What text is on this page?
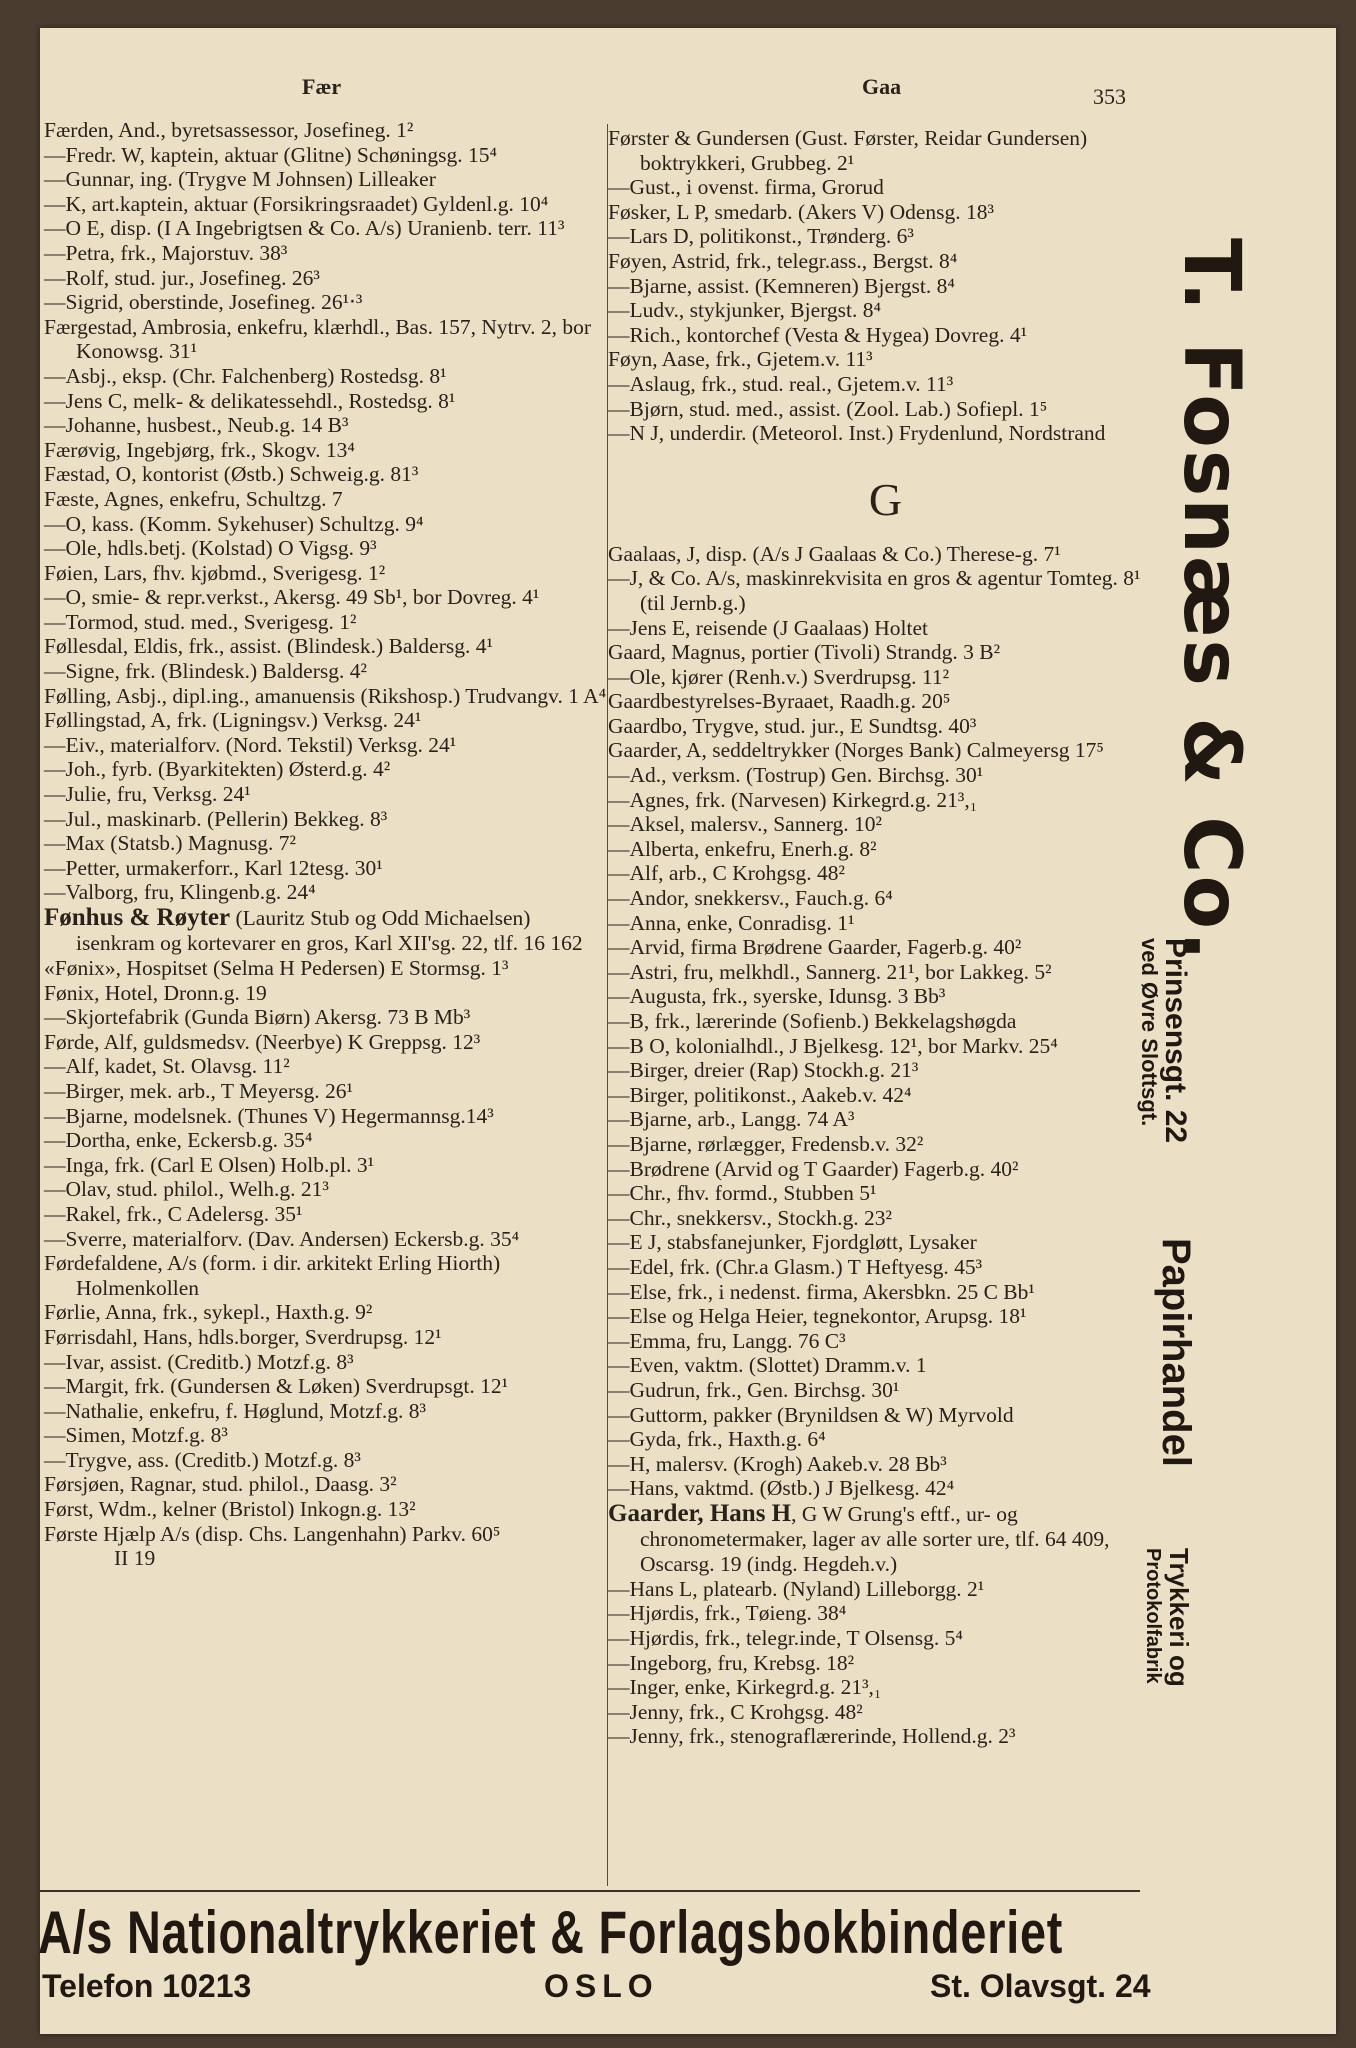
Fær	Gaa	353

Færden, And., byretsassessor, Josefineg. 1²

—Fredr. W, kaptein, aktuar (Glitne) Schøningsg. 15⁴

—Gunnar, ing. (Trygve M Johnsen) Lilleaker

—K, art.kaptein, aktuar (Forsikringsraadet) Gyldenl.g. 10⁴

—O E, disp. (I A Ingebrigtsen & Co. A/s) Uranienb. terr. 11³

—Petra, frk., Majorstuv. 38³

—Rolf, stud. jur., Josefineg. 26³

—Sigrid, oberstinde, Josefineg. 26¹‧³

Færgestad, Ambrosia, enkefru, klærhdl., Bas. 157, Nytrv. 2, bor Konowsg. 31¹

—Asbj., eksp. (Chr. Falchenberg) Rostedsg. 8¹

—Jens C, melk- & delikatessehdl., Rostedsg. 8¹

—Johanne, husbest., Neub.g. 14 B³

Færøvig, Ingebjørg, frk., Skogv. 13⁴

Fæstad, O, kontorist (Østb.) Schweig.g. 81³

Fæste, Agnes, enkefru, Schultzg. 7

—O, kass. (Komm. Sykehuser) Schultzg. 9⁴

—Ole, hdls.betj. (Kolstad) O Vigsg. 9³

Føien, Lars, fhv. kjøbmd., Sverigesg. 1²

—O, smie- & repr.verkst., Akersg. 49 Sb¹, bor Dovreg. 4¹

—Tormod, stud. med., Sverigesg. 1²

Føllesdal, Eldis, frk., assist. (Blindesk.) Baldersg. 4¹

—Signe, frk. (Blindesk.) Baldersg. 4²

Følling, Asbj., dipl.ing., amanuensis (Rikshosp.) Trudvangv. 1 A⁴

Føllingstad, A, frk. (Ligningsv.) Verksg. 24¹

—Eiv., materialforv. (Nord. Tekstil) Verksg. 24¹

—Joh., fyrb. (Byarkitekten) Østerd.g. 4²

—Julie, fru, Verksg. 24¹

—Jul., maskinarb. (Pellerin) Bekkeg. 8³

—Max (Statsb.) Magnusg. 7²

—Petter, urmakerforr., Karl 12tesg. 30¹

—Valborg, fru, Klingenb.g. 24⁴

Fønhus & Røyter (Lauritz Stub og Odd Michaelsen) isenkram og kortevarer en gros, Karl XII'sg. 22, tlf. 16 162

«Fønix», Hospitset (Selma H Pedersen) E Stormsg. 1³

Fønix, Hotel, Dronn.g. 19

—Skjortefabrik (Gunda Biørn) Akersg. 73 B Mb³

Førde, Alf, guldsmedsv. (Neerbye) K Greppsg. 12³

—Alf, kadet, St. Olavsg. 11²

—Birger, mek. arb., T Meyersg. 26¹

—Bjarne, modelsnek. (Thunes V) Hegermannsg.14³

—Dortha, enke, Eckersb.g. 35⁴

—Inga, frk. (Carl E Olsen) Holb.pl. 3¹

—Olav, stud. philol., Welh.g. 21³

—Rakel, frk., C Adelersg. 35¹

—Sverre, materialforv. (Dav. Andersen) Eckersb.g. 35⁴

Førdefaldene, A/s (form. i dir. arkitekt Erling Hiorth) Holmenkollen

Førlie, Anna, frk., sykepl., Haxth.g. 9²

Førrisdahl, Hans, hdls.borger, Sverdrupsg. 12¹

—Ivar, assist. (Creditb.) Motzf.g. 8³

—Margit, frk. (Gundersen & Løken) Sverdrupsgt. 12¹

—Nathalie, enkefru, f. Høglund, Motzf.g. 8³

—Simen, Motzf.g. 8³

—Trygve, ass. (Creditb.) Motzf.g. 8³

Førsjøen, Ragnar, stud. philol., Daasg. 3²

Først, Wdm., kelner (Bristol) Inkogn.g. 13²

Første Hjælp A/s (disp. Chs. Langenhahn) Parkv. 60⁵

II 19

Førster & Gundersen (Gust. Førster, Reidar Gundersen) boktrykkeri, Grubbeg. 2¹

—Gust., i ovenst. firma, Grorud

Føsker, L P, smedarb. (Akers V) Odensg. 18³

—Lars D, politikonst., Trønderg. 6³

Føyen, Astrid, frk., telegr.ass., Bergst. 8⁴

—Bjarne, assist. (Kemneren) Bjergst. 8⁴

—Ludv., stykjunker, Bjergst. 8⁴

—Rich., kontorchef (Vesta & Hygea) Dovreg. 4¹

Føyn, Aase, frk., Gjetem.v. 11³

—Aslaug, frk., stud. real., Gjetem.v. 11³

—Bjørn, stud. med., assist. (Zool. Lab.) Sofiepl. 1⁵

—N J, underdir. (Meteorol. Inst.) Frydenlund, Nordstrand

G

Gaalaas, J, disp. (A/s J Gaalaas & Co.) Therese-g. 7¹

—J, & Co. A/s, maskinrekvisita en gros & agentur Tomteg. 8¹ (til Jernb.g.)

—Jens E, reisende (J Gaalaas) Holtet

Gaard, Magnus, portier (Tivoli) Strandg. 3 B²

—Ole, kjører (Renh.v.) Sverdrupsg. 11²

Gaardbestyrelses-Byraaet, Raadh.g. 20⁵

Gaardbo, Trygve, stud. jur., E Sundtsg. 40³

Gaarder, A, seddeltrykker (Norges Bank) Calmeyersg 17⁵

—Ad., verksm. (Tostrup) Gen. Birchsg. 30¹

—Agnes, frk. (Narvesen) Kirkegrd.g. 21³,₁

—Aksel, malersv., Sannerg. 10²

—Alberta, enkefru, Enerh.g. 8²

—Alf, arb., C Krohgsg. 48²

—Andor, snekkersv., Fauch.g. 6⁴

—Anna, enke, Conradisg. 1¹

—Arvid, firma Brødrene Gaarder, Fagerb.g. 40²

—Astri, fru, melkhdl., Sannerg. 21¹, bor Lakkeg. 5²

—Augusta, frk., syerske, Idunsg. 3 Bb³

—B, frk., lærerinde (Sofienb.) Bekkelagshøgda

—B O, kolonialhdl., J Bjelkesg. 12¹, bor Markv. 25⁴

—Birger, dreier (Rap) Stockh.g. 21³

—Birger, politikonst., Aakeb.v. 42⁴

—Bjarne, arb., Langg. 74 A³

—Bjarne, rørlægger, Fredensb.v. 32²

—Brødrene (Arvid og T Gaarder) Fagerb.g. 40²

—Chr., fhv. formd., Stubben 5¹

—Chr., snekkersv., Stockh.g. 23²

—E J, stabsfanejunker, Fjordgløtt, Lysaker

—Edel, frk. (Chr.a Glasm.) T Heftyesg. 45³

—Else, frk., i nedenst. firma, Akersbkn. 25 C Bb¹

—Else og Helga Heier, tegnekontor, Arupsg. 18¹

—Emma, fru, Langg. 76 C³

—Even, vaktm. (Slottet) Dramm.v. 1

—Gudrun, frk., Gen. Birchsg. 30¹

—Guttorm, pakker (Brynildsen & W) Myrvold

—Gyda, frk., Haxth.g. 6⁴

—H, malersv. (Krogh) Aakeb.v. 28 Bb³

—Hans, vaktmd. (Østb.) J Bjelkesg. 42⁴

Gaarder, Hans H, G W Grung's eftf., ur- og chronometermaker, lager av alle sorter ure, tlf. 64 409, Oscarsg. 19 (indg. Hegdeh.v.)

—Hans L, platearb. (Nyland) Lilleborgg. 2¹

—Hjørdis, frk., Tøieng. 38⁴

—Hjørdis, frk., telegr.inde, T Olsensg. 5⁴

—Ingeborg, fru, Krebsg. 18²

—Inger, enke, Kirkegrd.g. 21³,₁

—Jenny, frk., C Krohgsg. 48²

—Jenny, frk., stenograflærerinde, Hollend.g. 2³

A/s Nationaltrykkeriet & Forlagsbokbinderiet
Telefon 10213	OSLO	St. Olavsgt. 24
T. Fosnæs & Co.
Prinsensgt. 22
ved Øvre Slottsgt.
Papirhandel
Trykkeri og
Protokolfabrik
